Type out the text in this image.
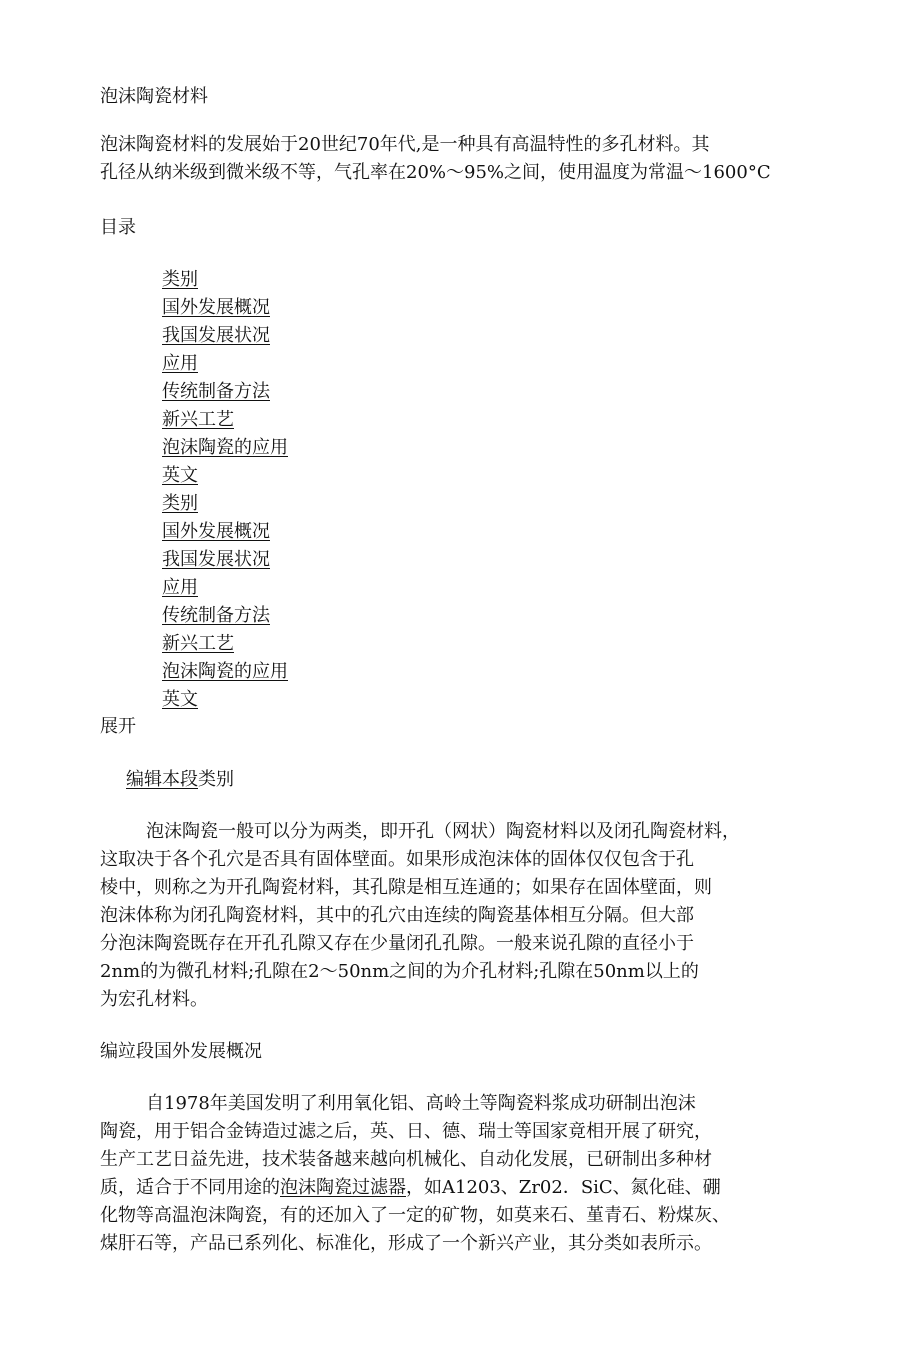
泡沫陶瓷材料
泡沫陶瓷材料的发展始于20世纪70年代,是一种具有高温特性的多孔材料。其
孔径从纳米级到微米级不等，气孔率在20%～95%之间，使用温度为常温～1600°C
目录
类别
国外发展概况
我国发展状况
应用
传统制备方法
新兴工艺
泡沫陶瓷的应用
英文
类别
国外发展概况
我国发展状况
应用
传统制备方法
新兴工艺
泡沫陶瓷的应用
英文
展开
编辑本段类别
泡沫陶瓷一般可以分为两类，即开孔（网状）陶瓷材料以及闭孔陶瓷材料，
这取决于各个孔穴是否具有固体壁面。如果形成泡沫体的固体仅仅包含于孔
棱中，则称之为开孔陶瓷材料，其孔隙是相互连通的；如果存在固体壁面，则
泡沫体称为闭孔陶瓷材料，其中的孔穴由连续的陶瓷基体相互分隔。但大部
分泡沫陶瓷既存在开孔孔隙又存在少量闭孔孔隙。一般来说孔隙的直径小于
2nm的为微孔材料;孔隙在2～50nm之间的为介孔材料;孔隙在50nm以上的
为宏孔材料。
编竝段国外发展概况
自1978年美国发明了利用氧化铝、高岭土等陶瓷料浆成功研制出泡沫
陶瓷，用于铝合金铸造过滤之后，英、日、德、瑞士等国家竟相开展了研究，
生产工艺日益先进，技术装备越来越向机械化、自动化发展，已研制出多种材
质，适合于不同用途的泡沫陶瓷过滤器，如A1203、Zr02．SiC、氮化硅、硼
化物等高温泡沫陶瓷，有的还加入了一定的矿物，如莫来石、堇青石、粉煤灰、
煤肝石等，产品已系列化、标准化，形成了一个新兴产业，其分类如表所示。
